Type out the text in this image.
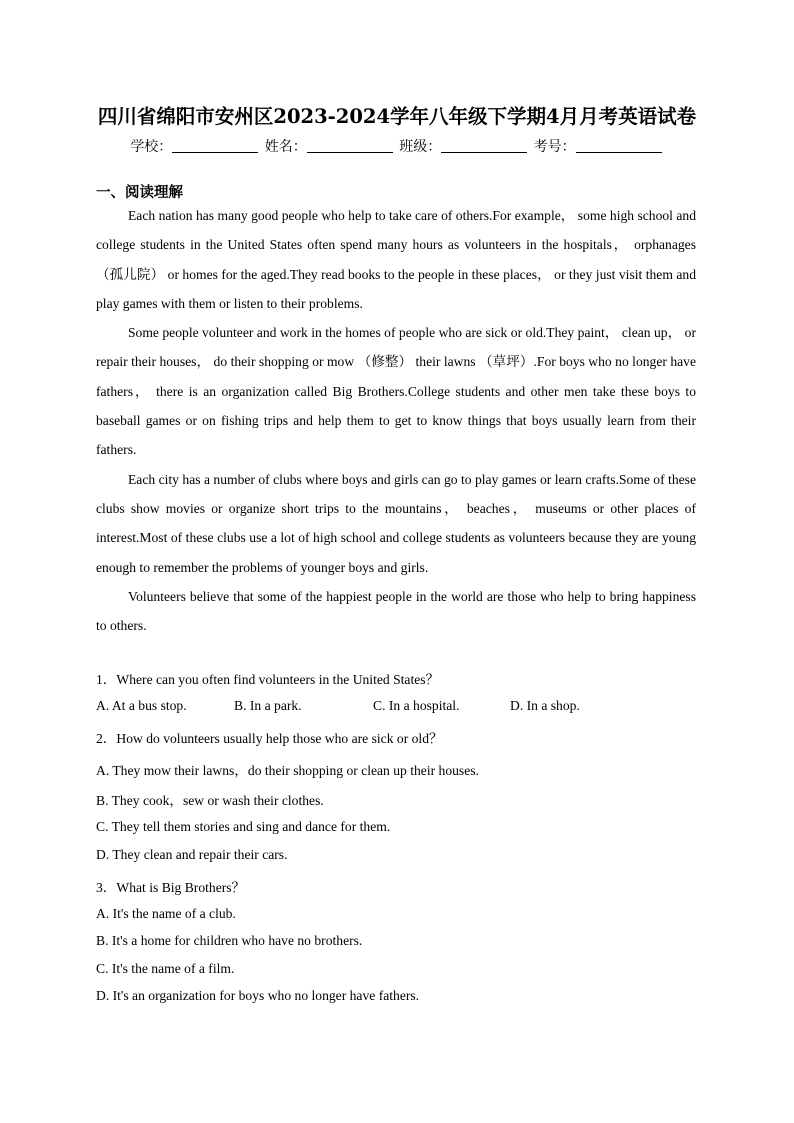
四川省绵阳市安州区2023-2024学年八年级下学期4月月考英语试卷
学校：	姓名：	班级：	考号：
一、阅读理解

Each nation has many good people who help to take care of others.For example， some high school and college students in the United States often spend many hours as volunteers in the hospitals， orphanages （孤儿院） or homes for the aged.They read books to the people in these places， or they just visit them and play games with them or listen to their problems.

Some people volunteer and work in the homes of people who are sick or old.They paint， clean up， or repair their houses， do their shopping or mow （修整） their lawns （草坪）.For boys who no longer have fathers， there is an organization called Big Brothers.College students and other men take these boys to baseball games or on fishing trips and help them to get to know things that boys usually learn from their fathers.

Each city has a number of clubs where boys and girls can go to play games or learn crafts.Some of these clubs show movies or organize short trips to the mountains， beaches， museums or other places of interest.Most of these clubs use a lot of high school and college students as volunteers because they are young enough to remember the problems of younger boys and girls.

Volunteers believe that some of the happiest people in the world are those who help to bring happiness to others.

1．Where can you often find volunteers in the United States？
A. At a bus stop.	B. In a park.	C. In a hospital.	D. In a shop.
2．How do volunteers usually help those who are sick or old？
A. They mow their lawns，do their shopping or clean up their houses.
B. They cook，sew or wash their clothes.
C. They tell them stories and sing and dance for them.
D. They clean and repair their cars.
3．What is Big Brothers？
A. It's the name of a club.
B. It's a home for children who have no brothers.
C. It's the name of a film.
D. It's an organization for boys who no longer have fathers.
